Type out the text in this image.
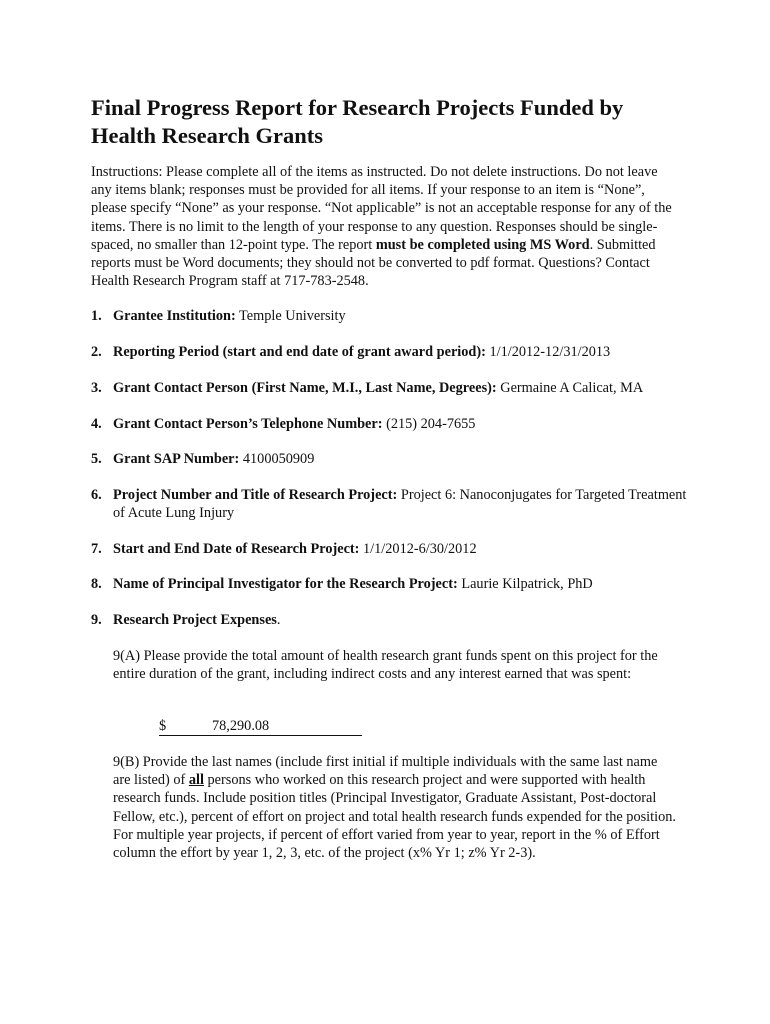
Final Progress Report for Research Projects Funded by Health Research Grants
Instructions: Please complete all of the items as instructed. Do not delete instructions. Do not leave any items blank; responses must be provided for all items. If your response to an item is “None”, please specify “None” as your response. “Not applicable” is not an acceptable response for any of the items. There is no limit to the length of your response to any question. Responses should be single-spaced, no smaller than 12-point type. The report must be completed using MS Word. Submitted reports must be Word documents; they should not be converted to pdf format. Questions? Contact Health Research Program staff at 717-783-2548.
1. Grantee Institution: Temple University
2. Reporting Period (start and end date of grant award period): 1/1/2012-12/31/2013
3. Grant Contact Person (First Name, M.I., Last Name, Degrees): Germaine A Calicat, MA
4. Grant Contact Person’s Telephone Number: (215) 204-7655
5. Grant SAP Number: 4100050909
6. Project Number and Title of Research Project: Project 6: Nanoconjugates for Targeted Treatment of Acute Lung Injury
7. Start and End Date of Research Project: 1/1/2012-6/30/2012
8. Name of Principal Investigator for the Research Project: Laurie Kilpatrick, PhD
9. Research Project Expenses.
9(A) Please provide the total amount of health research grant funds spent on this project for the entire duration of the grant, including indirect costs and any interest earned that was spent:
$	78,290.08
9(B) Provide the last names (include first initial if multiple individuals with the same last name are listed) of all persons who worked on this research project and were supported with health research funds. Include position titles (Principal Investigator, Graduate Assistant, Post-doctoral Fellow, etc.), percent of effort on project and total health research funds expended for the position. For multiple year projects, if percent of effort varied from year to year, report in the % of Effort column the effort by year 1, 2, 3, etc. of the project (x% Yr 1; z% Yr 2-3).
